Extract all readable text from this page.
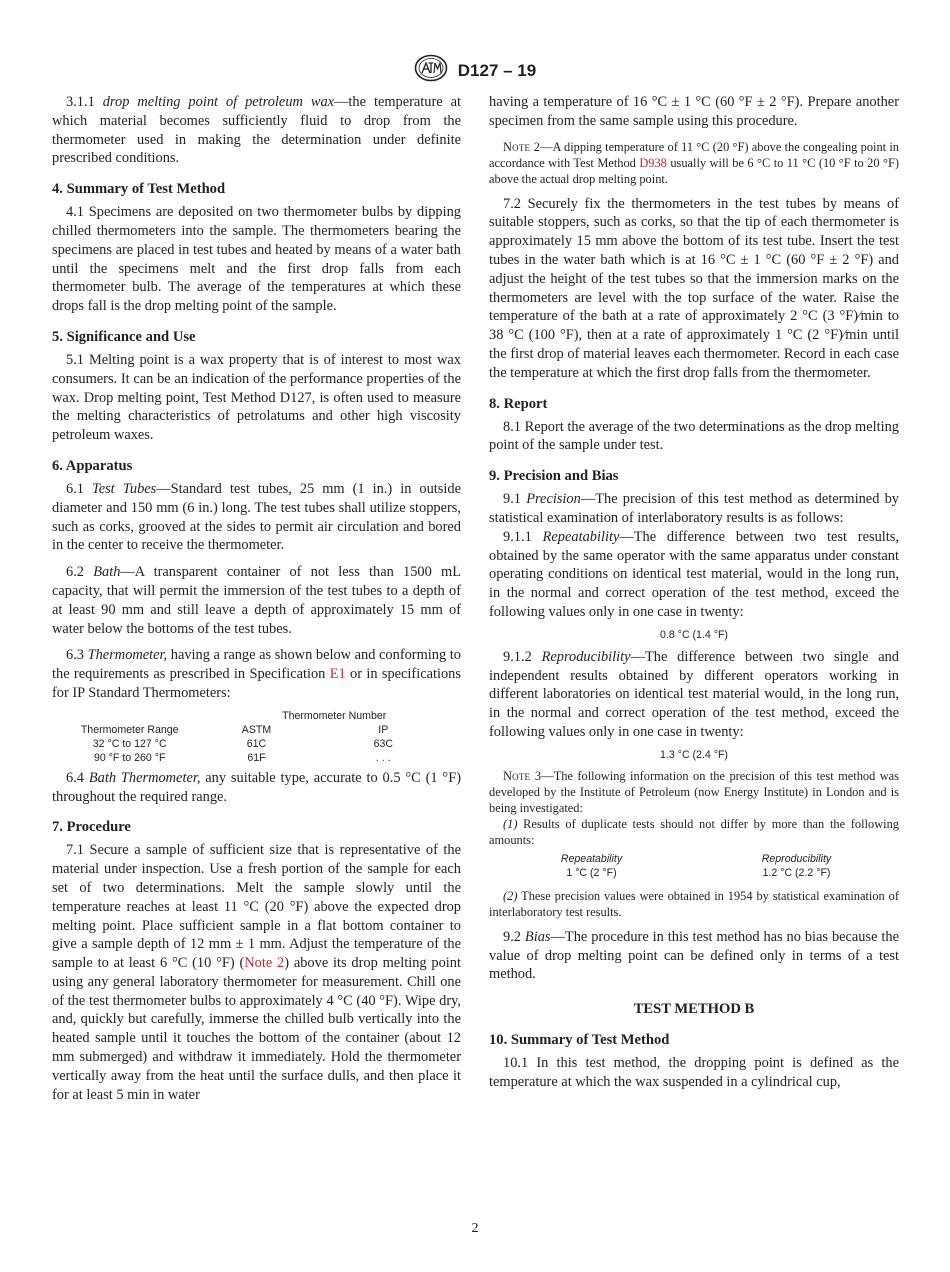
D127 – 19

3.1.1 drop melting point of petroleum wax—the temperature at which material becomes sufficiently fluid to drop from the thermometer used in making the determination under definite prescribed conditions.

4. Summary of Test Method

4.1 Specimens are deposited on two thermometer bulbs by dipping chilled thermometers into the sample. The thermometers bearing the specimens are placed in test tubes and heated by means of a water bath until the specimens melt and the first drop falls from each thermometer bulb. The average of the temperatures at which these drops fall is the drop melting point of the sample.

5. Significance and Use

5.1 Melting point is a wax property that is of interest to most wax consumers. It can be an indication of the performance properties of the wax. Drop melting point, Test Method D127, is often used to measure the melting characteristics of petrolatums and other high viscosity petroleum waxes.

6. Apparatus

6.1 Test Tubes—Standard test tubes, 25 mm (1 in.) in outside diameter and 150 mm (6 in.) long. The test tubes shall utilize stoppers, such as corks, grooved at the sides to permit air circulation and bored in the center to receive the thermometer.

6.2 Bath—A transparent container of not less than 1500 mL capacity, that will permit the immersion of the test tubes to a depth of at least 90 mm and still leave a depth of approximately 15 mm of water below the bottoms of the test tubes.

6.3 Thermometer, having a range as shown below and conforming to the requirements as prescribed in Specification E1 or in specifications for IP Standard Thermometers:

	Thermometer Number	
Thermometer Range	ASTM	IP
32 °C to 127 °C	61C	63C
90 °F to 260 °F	61F	. . .

6.4 Bath Thermometer, any suitable type, accurate to 0.5 °C (1 °F) throughout the required range.

7. Procedure

7.1 Secure a sample of sufficient size that is representative of the material under inspection. Use a fresh portion of the sample for each set of two determinations. Melt the sample slowly until the temperature reaches at least 11 °C (20 °F) above the expected drop melting point. Place sufficient sample in a flat bottom container to give a sample depth of 12 mm ± 1 mm. Adjust the temperature of the sample to at least 6 °C (10 °F) (Note 2) above its drop melting point using any general laboratory thermometer for measurement. Chill one of the test thermometer bulbs to approximately 4 °C (40 °F). Wipe dry, and, quickly but carefully, immerse the chilled bulb vertically into the heated sample until it touches the bottom of the container (about 12 mm submerged) and withdraw it immediately. Hold the thermometer vertically away from the heat until the surface dulls, and then place it for at least 5 min in water

having a temperature of 16 °C ± 1 °C (60 °F ± 2 °F). Prepare another specimen from the same sample using this procedure.

Note 2—A dipping temperature of 11 °C (20 °F) above the congealing point in accordance with Test Method D938 usually will be 6 °C to 11 °C (10 °F to 20 °F) above the actual drop melting point.

7.2 Securely fix the thermometers in the test tubes by means of suitable stoppers, such as corks, so that the tip of each thermometer is approximately 15 mm above the bottom of its test tube. Insert the test tubes in the water bath which is at 16 °C ± 1 °C (60 °F ± 2 °F) and adjust the height of the test tubes so that the immersion marks on the thermometers are level with the top surface of the water. Raise the temperature of the bath at a rate of approximately 2 °C (3 °F)⁄min to 38 °C (100 °F), then at a rate of approximately 1 °C (2 °F)⁄min until the first drop of material leaves each thermometer. Record in each case the temperature at which the first drop falls from the thermometer.

8. Report

8.1 Report the average of the two determinations as the drop melting point of the sample under test.

9. Precision and Bias

9.1 Precision—The precision of this test method as determined by statistical examination of interlaboratory results is as follows:

9.1.1 Repeatability—The difference between two test results, obtained by the same operator with the same apparatus under constant operating conditions on identical test material, would in the long run, in the normal and correct operation of the test method, exceed the following values only in one case in twenty:

0.8 °C (1.4 °F)

9.1.2 Reproducibility—The difference between two single and independent results obtained by different operators working in different laboratories on identical test material would, in the long run, in the normal and correct operation of the test method, exceed the following values only in one case in twenty:

1.3 °C (2.4 °F)

Note 3—The following information on the precision of this test method was developed by the Institute of Petroleum (now Energy Institute) in London and is being investigated:

(1) Results of duplicate tests should not differ by more than the following amounts:

Repeatability	Reproducibility
1 °C (2 °F)	1.2 °C (2.2 °F)

(2) These precision values were obtained in 1954 by statistical examination of interlaboratory test results.

9.2 Bias—The procedure in this test method has no bias because the value of drop melting point can be defined only in terms of a test method.

TEST METHOD B
10. Summary of Test Method

10.1 In this test method, the dropping point is defined as the temperature at which the wax suspended in a cylindrical cup,

2
